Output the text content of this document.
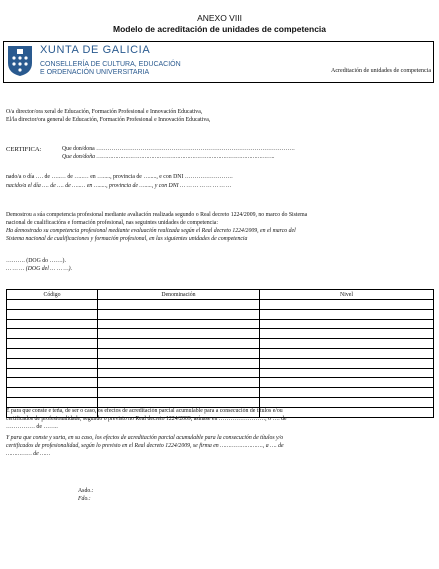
ANEXO VIII
Modelo de acreditación de unidades de competencia
XUNTA DE GALICIA
CONSELLERÍA DE CULTURA, EDUCACIÓN
E ORDENACIÓN UNIVERSITARIA	Acreditación de unidades de competencia
O/a director/ora xeral de Educación, Formación Profesional e Innovación Educativa,
El/la director/ora general de Educación, Formación Profesional e Innovación Educativa,
CERTIFICA:	Que don/dona ………………………………………………………………………………………….
Que don/doña …………………………………………………………………………………………..
nado/a o día …. de …..… de …..… en …....., provincia de …....., e con DNI …………………….
nacido/a el día …. de …. de …..… en …....., provincia de …....., y con DNI … … … … … … … …
Demostrou a súa competencia profesional mediante avaliación realizada segundo o Real decreto 1224/2009, no marco do Sistema
nacional de cualificacións e formación profesional, nas seguintes unidades de competencia:
Ha demostrado su competencia profesional mediante evaluación realizada según el Real decreto 1224/2009, en el marco del
Sistema nacional de cualificaciones y formación profesional, en las siguientes unidades de competencia
………. (DOG do …….).
… … … (DOG del … … …).
Código	Denominación	Nivel

E para que conste e teña, de ser o caso, os efectos de acreditación parcial acumulable para a consecución de títulos e/ou
certificados de profesionalidade, segundo o previsto no Real decreto 1224/2009, asínase en ……………………, o …. de
…………… de ……..
Y para que conste y surta, en su caso, los efectos de acreditación parcial acumulable para la consecución de títulos y/o
certificados de profesionalidad, según lo previsto en el Real decreto 1224/2009, se firma en ……………………., a …. de
…………… de ……
Asdo.:
Fdo.:
